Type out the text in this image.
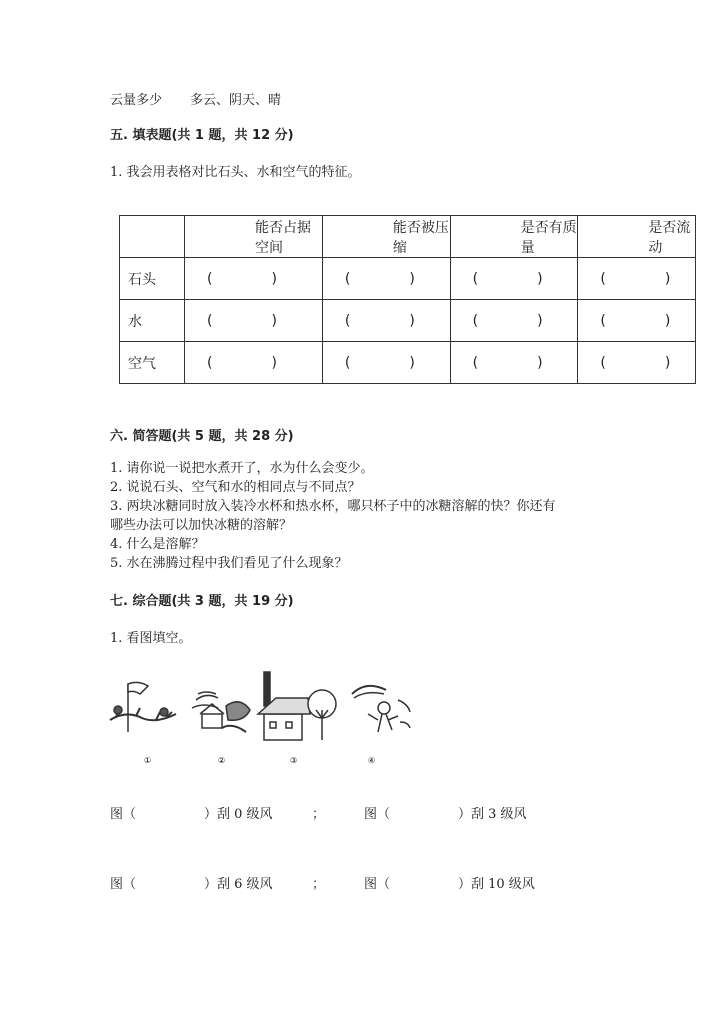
云量多少 多云、阴天、晴
五. 填表题(共 1 题，共 12 分)
1. 我会用表格对比石头、水和空气的特征。
	能否占据空间	能否被压缩	是否有质量	是否流动
石头	( )	( )	( )	( )

水	( )	( )	( )	( )

空气	( )	( )	( )	( )
六. 简答题(共 5 题，共 28 分)
1. 请你说一说把水煮开了，水为什么会变少。
2. 说说石头、空气和水的相同点与不同点？
3. 两块冰糖同时放入装冷水杯和热水杯，哪只杯子中的冰糖溶解的快？你还有
哪些办法可以加快冰糖的溶解？
4. 什么是溶解？
5. 水在沸腾过程中我们看见了什么现象？
七. 综合题(共 3 题，共 19 分)
1. 看图填空。
①	②	③	④
图（	）刮 0 级风	；	图（	）刮 3 级风
图（	）刮 6 级风	；	图（	）刮 10 级风
